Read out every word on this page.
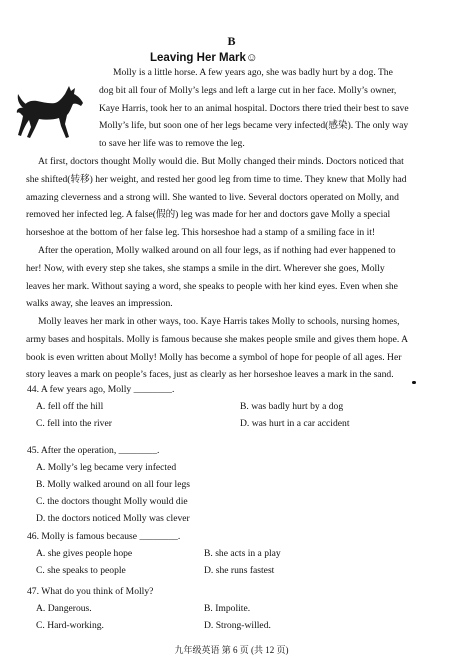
B
Leaving Her Mark☺
Molly is a little horse. A few years ago, she was badly hurt by a dog. The
dog bit all four of Molly’s legs and left a large cut in her face. Molly’s owner,
Kaye Harris, took her to an animal hospital. Doctors there tried their best to save
Molly’s life, but soon one of her legs became very infected(感染). The only way
to save her life was to remove the leg.
At first, doctors thought Molly would die. But Molly changed their minds. Doctors noticed that
she shifted(转移) her weight, and rested her good leg from time to time. They knew that Molly had
amazing cleverness and a strong will. She wanted to live. Several doctors operated on Molly, and
removed her infected leg. A false(假的) leg was made for her and doctors gave Molly a special
horseshoe at the bottom of her false leg. This horseshoe had a stamp of a smiling face in it!
After the operation, Molly walked around on all four legs, as if nothing had ever happened to
her! Now, with every step she takes, she stamps a smile in the dirt. Wherever she goes, Molly
leaves her mark. Without saying a word, she speaks to people with her kind eyes. Even when she
walks away, she leaves an impression.
Molly leaves her mark in other ways, too. Kaye Harris takes Molly to schools, nursing homes,
army bases and hospitals. Molly is famous because she makes people smile and gives them hope. A
book is even written about Molly! Molly has become a symbol of hope for people of all ages. Her
story leaves a mark on people’s faces, just as clearly as her horseshoe leaves a mark in the sand.
44. A few years ago, Molly ________.
A. fell off the hill	B. was badly hurt by a dog
C. fell into the river	D. was hurt in a car accident
45. After the operation, ________.
A. Molly’s leg became very infected
B. Molly walked around on all four legs
C. the doctors thought Molly would die
D. the doctors noticed Molly was clever
46. Molly is famous because ________.
A. she gives people hope	B. she acts in a play
C. she speaks to people	D. she runs fastest
47. What do you think of Molly?
A. Dangerous.	B. Impolite.
C. Hard-working.	D. Strong-willed.
九年级英语 第 6 页 (共 12 页)
